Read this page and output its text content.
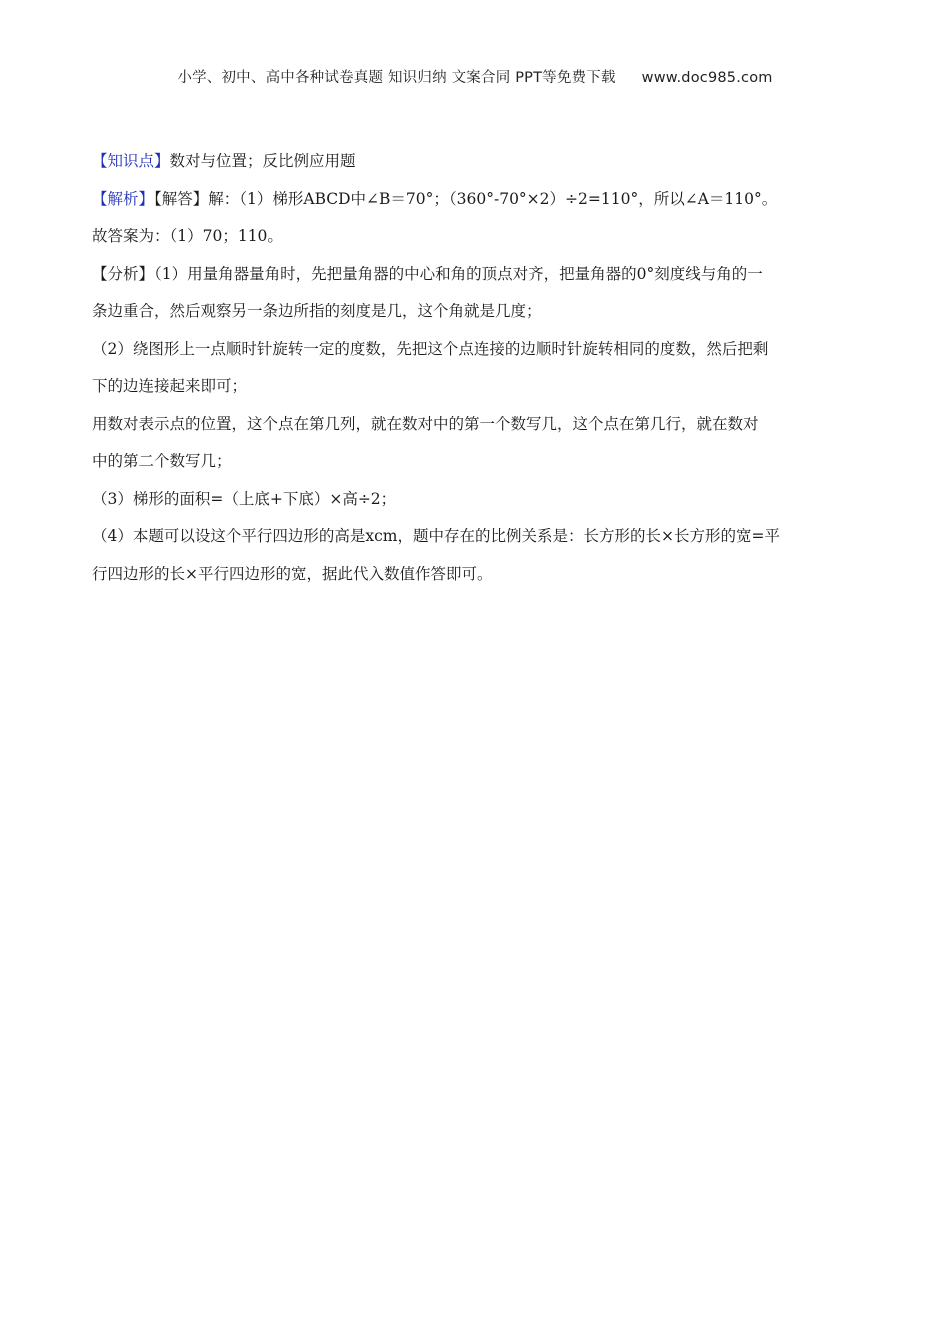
小学、初中、高中各种试卷真题 知识归纳 文案合同 PPT等免费下载 www.doc985.com
【知识点】数对与位置；反比例应用题
【解析】【解答】解：（1）梯形ABCD中∠B＝70°；（360°-70°×2）÷2=110°，所以∠A＝110°。
故答案为：（1）70；110。
【分析】（1）用量角器量角时，先把量角器的中心和角的顶点对齐，把量角器的0°刻度线与角的一
条边重合，然后观察另一条边所指的刻度是几，这个角就是几度；
（2）绕图形上一点顺时针旋转一定的度数，先把这个点连接的边顺时针旋转相同的度数，然后把剩
下的边连接起来即可；
用数对表示点的位置，这个点在第几列，就在数对中的第一个数写几，这个点在第几行，就在数对
中的第二个数写几；
（3）梯形的面积=（上底+下底）×高÷2；
（4）本题可以设这个平行四边形的高是xcm，题中存在的比例关系是：长方形的长×长方形的宽=平
行四边形的长×平行四边形的宽，据此代入数值作答即可。
